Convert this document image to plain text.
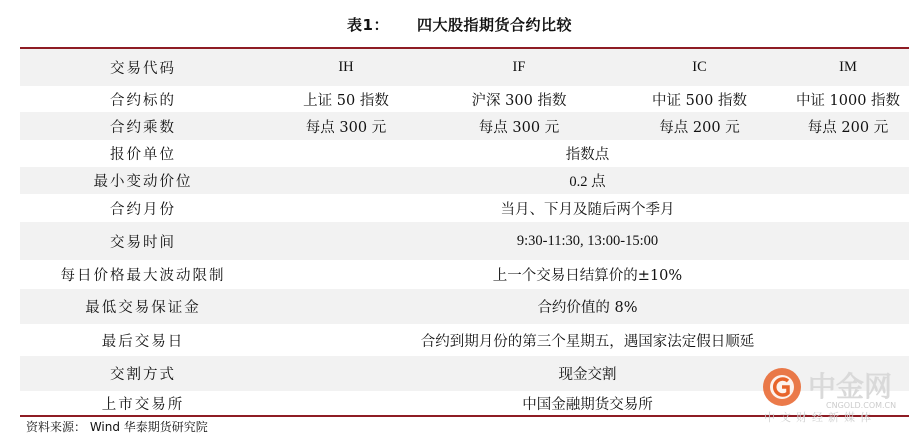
表1： 四大股指期货合约比较
交易代码	IH	IF	IC	IM
合约标的	上证 50 指数	沪深 300 指数	中证 500 指数	中证 1000 指数
合约乘数	每点 300 元	每点 300 元	每点 200 元	每点 200 元
报价单位	指数点
最小变动价位	0.2 点
合约月份	当月、下月及随后两个季月
交易时间	9:30-11:30, 13:00-15:00
每日价格最大波动限制	上一个交易日结算价的±10%
最低交易保证金	合约价值的 8%
最后交易日	合约到期月份的第三个星期五，遇国家法定假日顺延
交割方式	现金交割
上市交易所	中国金融期货交易所
资料来源： Wind 华泰期货研究院
中金网
CNGOLD.COM.CN
中文财经新媒体
